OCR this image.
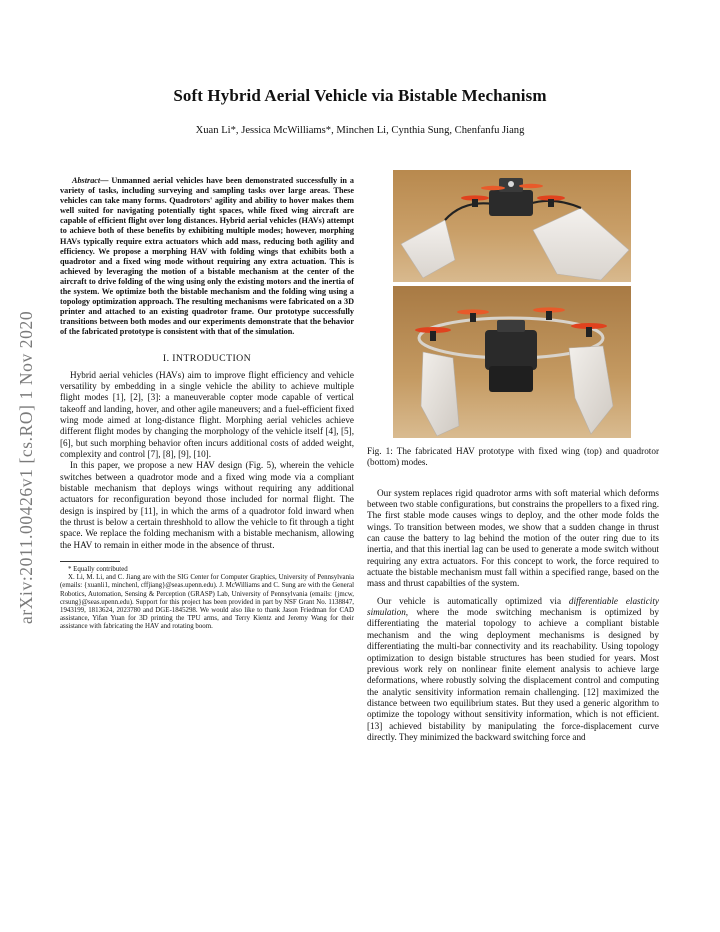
Soft Hybrid Aerial Vehicle via Bistable Mechanism
Xuan Li*, Jessica McWilliams*, Minchen Li, Cynthia Sung, Chenfanfu Jiang
arXiv:2011.00426v1 [cs.RO] 1 Nov 2020

Abstract— Unmanned aerial vehicles have been demonstrated successfully in a variety of tasks, including surveying and sampling tasks over large areas. These vehicles can take many forms. Quadrotors' agility and ability to hover makes them well suited for navigating potentially tight spaces, while fixed wing aircraft are capable of efficient flight over long distances. Hybrid aerial vehicles (HAVs) attempt to achieve both of these benefits by exhibiting multiple modes; however, morphing HAVs typically require extra actuators which add mass, reducing both agility and efficiency. We propose a morphing HAV with folding wings that exhibits both a quadrotor and a fixed wing mode without requiring any extra actuation. This is achieved by leveraging the motion of a bistable mechanism at the center of the aircraft to drive folding of the wing using only the existing motors and the inertia of the system. We optimize both the bistable mechanism and the folding wing using a topology optimization approach. The resulting mechanisms were fabricated on a 3D printer and attached to an existing quadrotor frame. Our prototype successfully transitions between both modes and our experiments demonstrate that the behavior of the fabricated prototype is consistent with that of the simulation.

I. INTRODUCTION

Hybrid aerial vehicles (HAVs) aim to improve flight efficiency and vehicle versatility by embedding in a single vehicle the ability to achieve multiple flight modes [1], [2], [3]: a maneuverable copter mode capable of vertical takeoff and landing, hover, and other agile maneuvers; and a fuel-efficient fixed wing mode aimed at long-distance flight. Morphing aerial vehicles achieve different flight modes by changing the morphology of the vehicle itself [4], [5], [6], but such morphing behavior often incurs additional costs of added weight, complexity and control [7], [8], [9], [10].

In this paper, we propose a new HAV design (Fig. 5), wherein the vehicle switches between a quadrotor mode and a fixed wing mode via a compliant bistable mechanism that deploys wings without requiring any additional actuators for reconfiguration beyond those included for normal flight. The design is inspired by [11], in which the arms of a quadrotor fold inward when the thrust is below a certain threshhold to allow the vehicle to fit through a tight space. We replace the folding mechanism with a bistable mechanism, allowing the HAV to remain in either mode in the absence of thrust.

* Equally contributed

X. Li, M. Li, and C. Jiang are with the SIG Center for Computer Graphics, University of Pennsylvania (emails: {xuanli1, minchenl, cffjiang}@seas.upenn.edu). J. McWilliams and C. Sung are with the General Robotics, Automation, Sensing & Perception (GRASP) Lab, University of Pennsylvania (emails: {jmcw, crsung}@seas.upenn.edu). Support for this project has been provided in part by NSF Grant No. 1138847, 1943199, 1813624, 2023780 and DGE-1845298. We would also like to thank Jason Friedman for CAD assistance, Yifan Yuan for 3D printing the TPU arms, and Terry Kientz and Jeremy Wang for their assistance with fabricating the HAV and rotating boom.

Fig. 1: The fabricated HAV prototype with fixed wing (top) and quadrotor (bottom) modes.

Our system replaces rigid quadrotor arms with soft material which deforms between two stable configurations, but constrains the propellers to a fixed ring. The first stable mode causes wings to deploy, and the other mode folds the wings. To transition between modes, we show that a sudden change in thrust can cause the battery to lag behind the motion of the outer ring due to its inertia, and that this inertial lag can be used to generate a mode switch without requiring any extra actuators. For this concept to work, the force required to actuate the bistable mechanism must fall within a specified range, based on the mass and thrust capabilties of the system.

Our vehicle is automatically optimized via differentiable elasticity simulation, where the mode switching mechanism is optimized by differentiating the material topology to achieve a compliant bistable mechanism and the wing deployment mechanisms is designed by differentiating the multi-bar connectivity and its reachability. Using topology optimization to design bistable structures has been studied for years. Most previous work rely on nonlinear finite element analysis to achieve large deformations, where robustly solving the displacement control and computing the analytic sensitivity information remain challenging. [12] maximized the distance between two equilibrium states. But they used a generic algorithm to optimize the topology without sensitivity information, which is not efficient. [13] achieved bistability by manipulating the force-displacement curve directly. They minimized the backward switching force and
